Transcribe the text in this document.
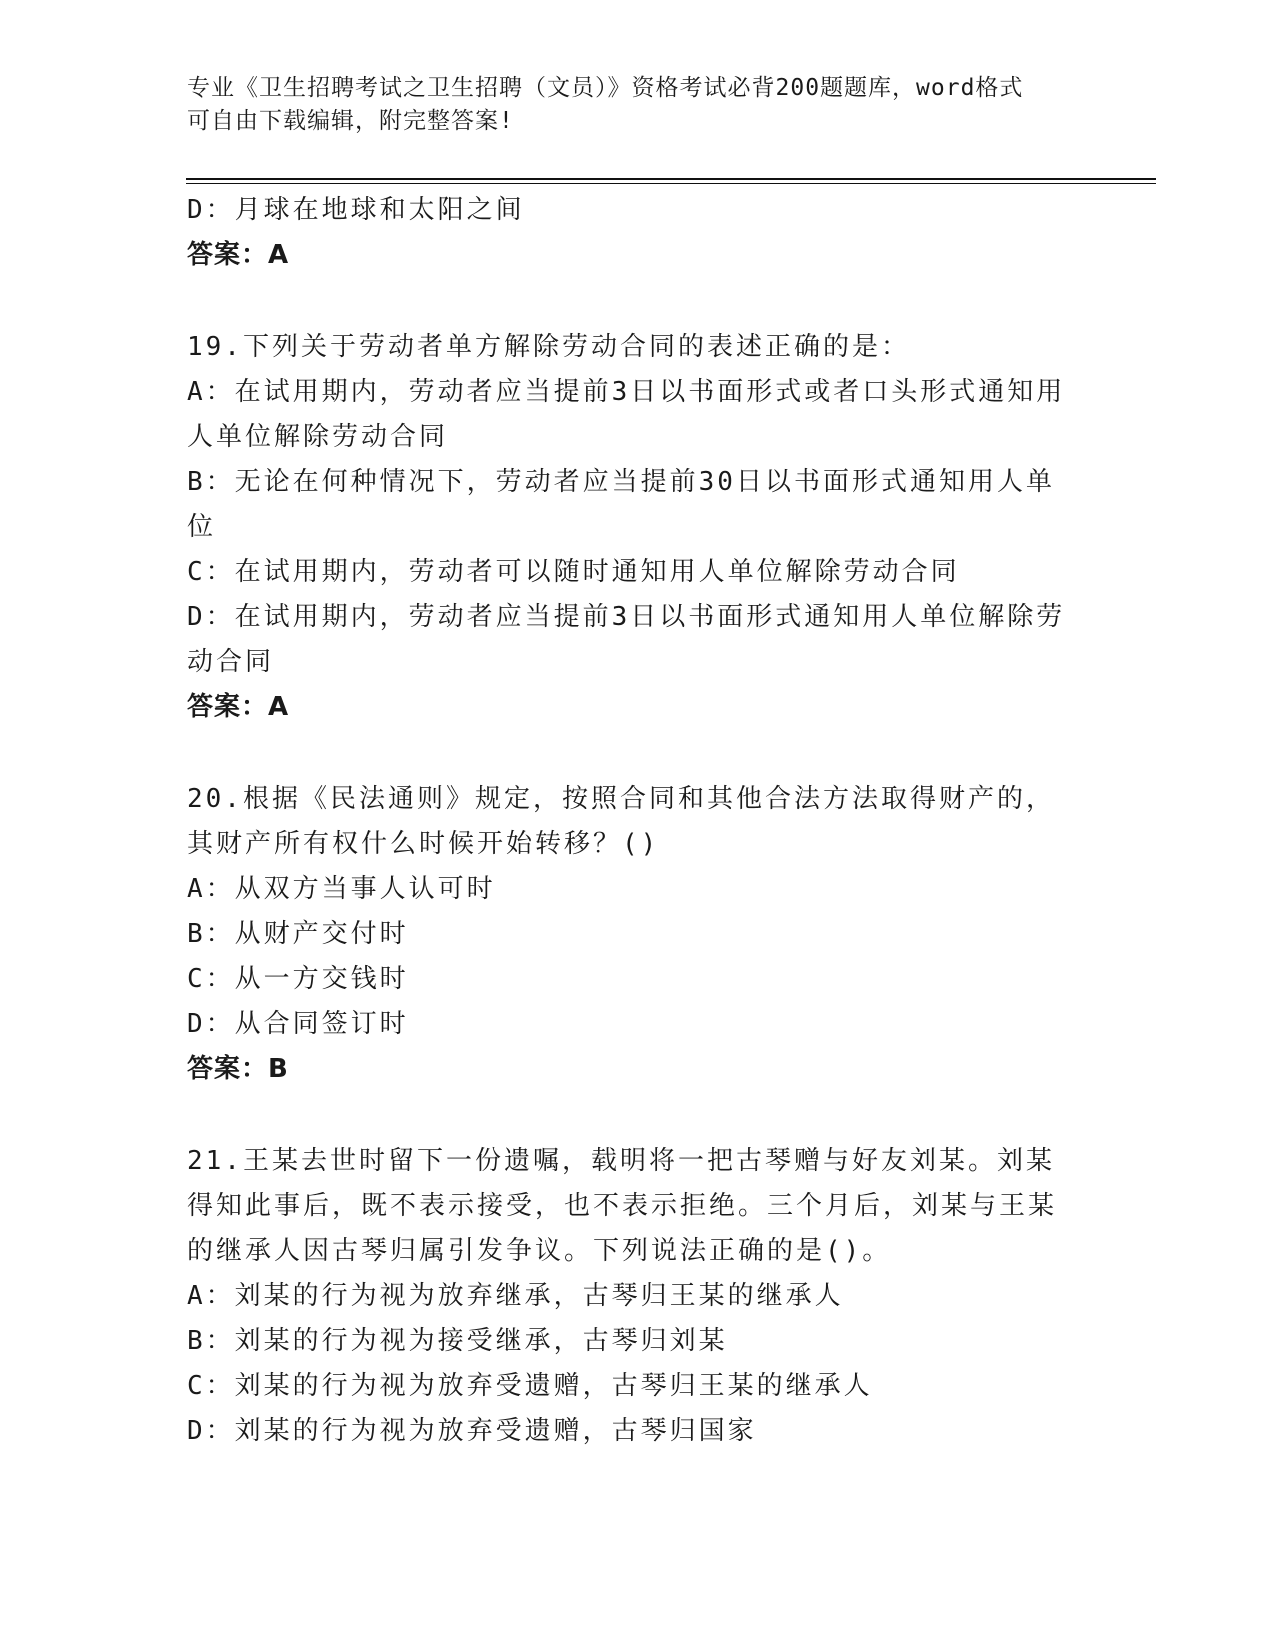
专业《卫生招聘考试之卫生招聘（文员）》资格考试必背200题题库，word格式
可自由下载编辑，附完整答案!
D：月球在地球和太阳之间
答案：A
19.下列关于劳动者单方解除劳动合同的表述正确的是：
A：在试用期内，劳动者应当提前3日以书面形式或者口头形式通知用人单位解除劳动合同
B：无论在何种情况下，劳动者应当提前30日以书面形式通知用人单位
C：在试用期内，劳动者可以随时通知用人单位解除劳动合同
D：在试用期内，劳动者应当提前3日以书面形式通知用人单位解除劳动合同
答案：A
20.根据《民法通则》规定，按照合同和其他合法方法取得财产的，其财产所有权什么时候开始转移？()
A：从双方当事人认可时
B：从财产交付时
C：从一方交钱时
D：从合同签订时
答案：B
21.王某去世时留下一份遗嘱，载明将一把古琴赠与好友刘某。刘某得知此事后，既不表示接受，也不表示拒绝。三个月后，刘某与王某的继承人因古琴归属引发争议。下列说法正确的是()。
A：刘某的行为视为放弃继承，古琴归王某的继承人
B：刘某的行为视为接受继承，古琴归刘某
C：刘某的行为视为放弃受遗赠，古琴归王某的继承人
D：刘某的行为视为放弃受遗赠，古琴归国家
